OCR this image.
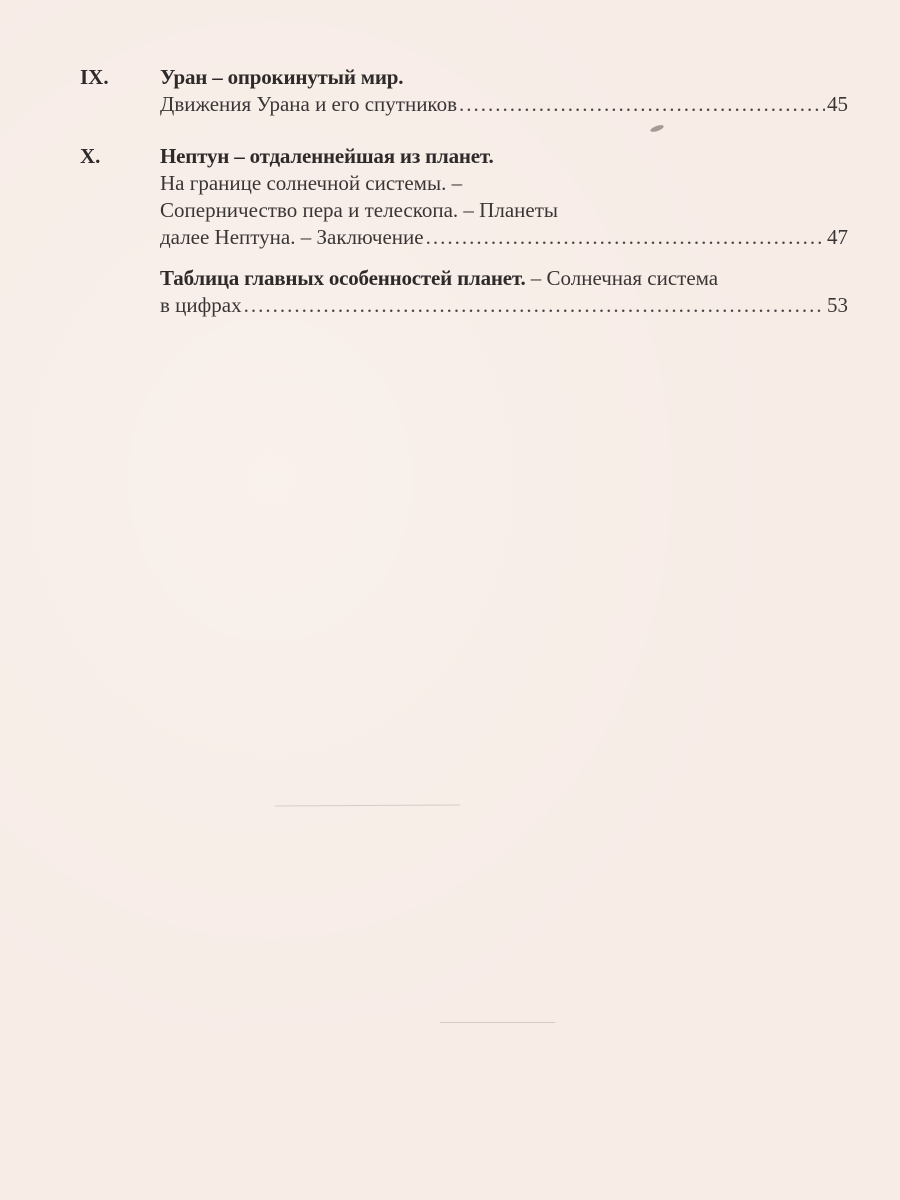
IX. Уран – опрокинутый мир.
Движения Урана и его спутников .....	45
X.	Нептун – отдаленнейшая из планет.
На границе солнечной системы. –
Соперничество пера и телескопа. – Планеты
далее Нептуна. – Заключение .....	47
Таблица главных особенностей планет. – Солнечная система
в цифрах .....	53
